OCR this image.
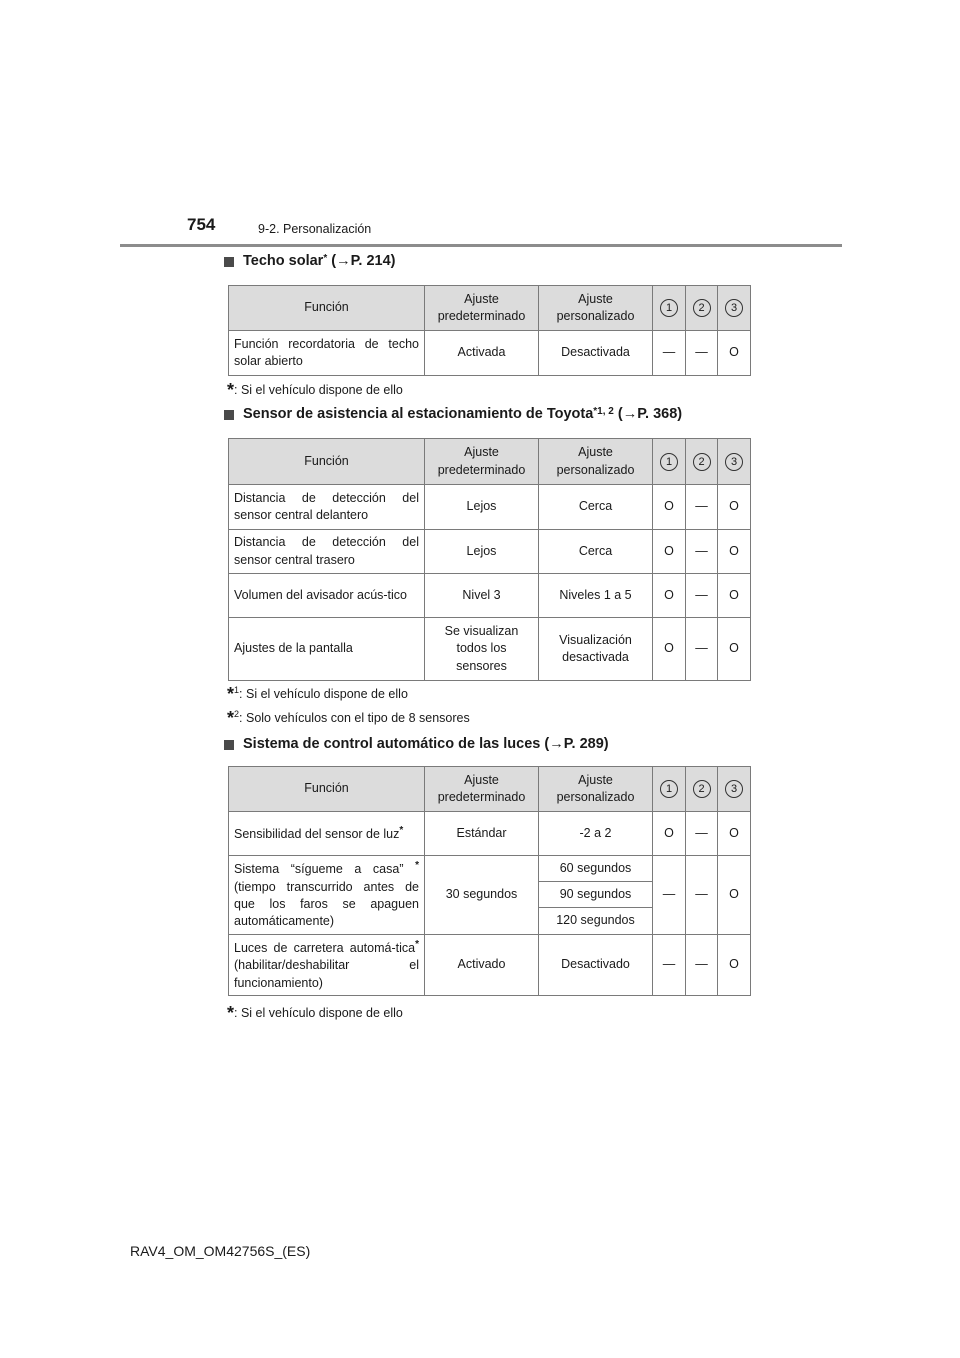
754	9-2. Personalización
Techo solar *
(→P. 214)
Función	Ajuste predeterminado	Ajuste personalizado	1	2	3
Función recordatoria de techo solar abierto	Activada	Desactivada	—	—	O
*: Si el vehículo dispone de ello
Sensor de asistencia al estacionamiento de Toyota *1, 2
(→P. 368)
Función	Ajuste predeterminado	Ajuste personalizado	1	2	3
Distancia de detección del sensor central delantero	Lejos	Cerca	O	—	O
Distancia de detección del sensor central trasero	Lejos	Cerca	O	—	O
Volumen del avisador acús-tico	Nivel 3	Niveles 1 a 5	O	—	O
Ajustes de la pantalla	Se visualizan todos los sensores	Visualización desactivada	O	—	O
*$^1$: Si el vehículo dispone de ello
*$^2$: Solo vehículos con el tipo de 8 sensores
Sistema de control automático de las luces
(→P. 289)
Función	Ajuste predeterminado	Ajuste personalizado	1	2	3
Sensibilidad del sensor de luz*	Estándar	-2 a 2	O	—	O
Sistema “sígueme a casa” * (tiempo transcurrido antes de que los faros se apaguen automáticamente)	30 segundos	60 segundos	—	—	O
		90 segundos			
		120 segundos			
Luces de carretera automá-tica* (habilitar/deshabilitar el funcionamiento)	Activado	Desactivado	—	—	O
*: Si el vehículo dispone de ello
RAV4_OM_OM42756S_(ES)
